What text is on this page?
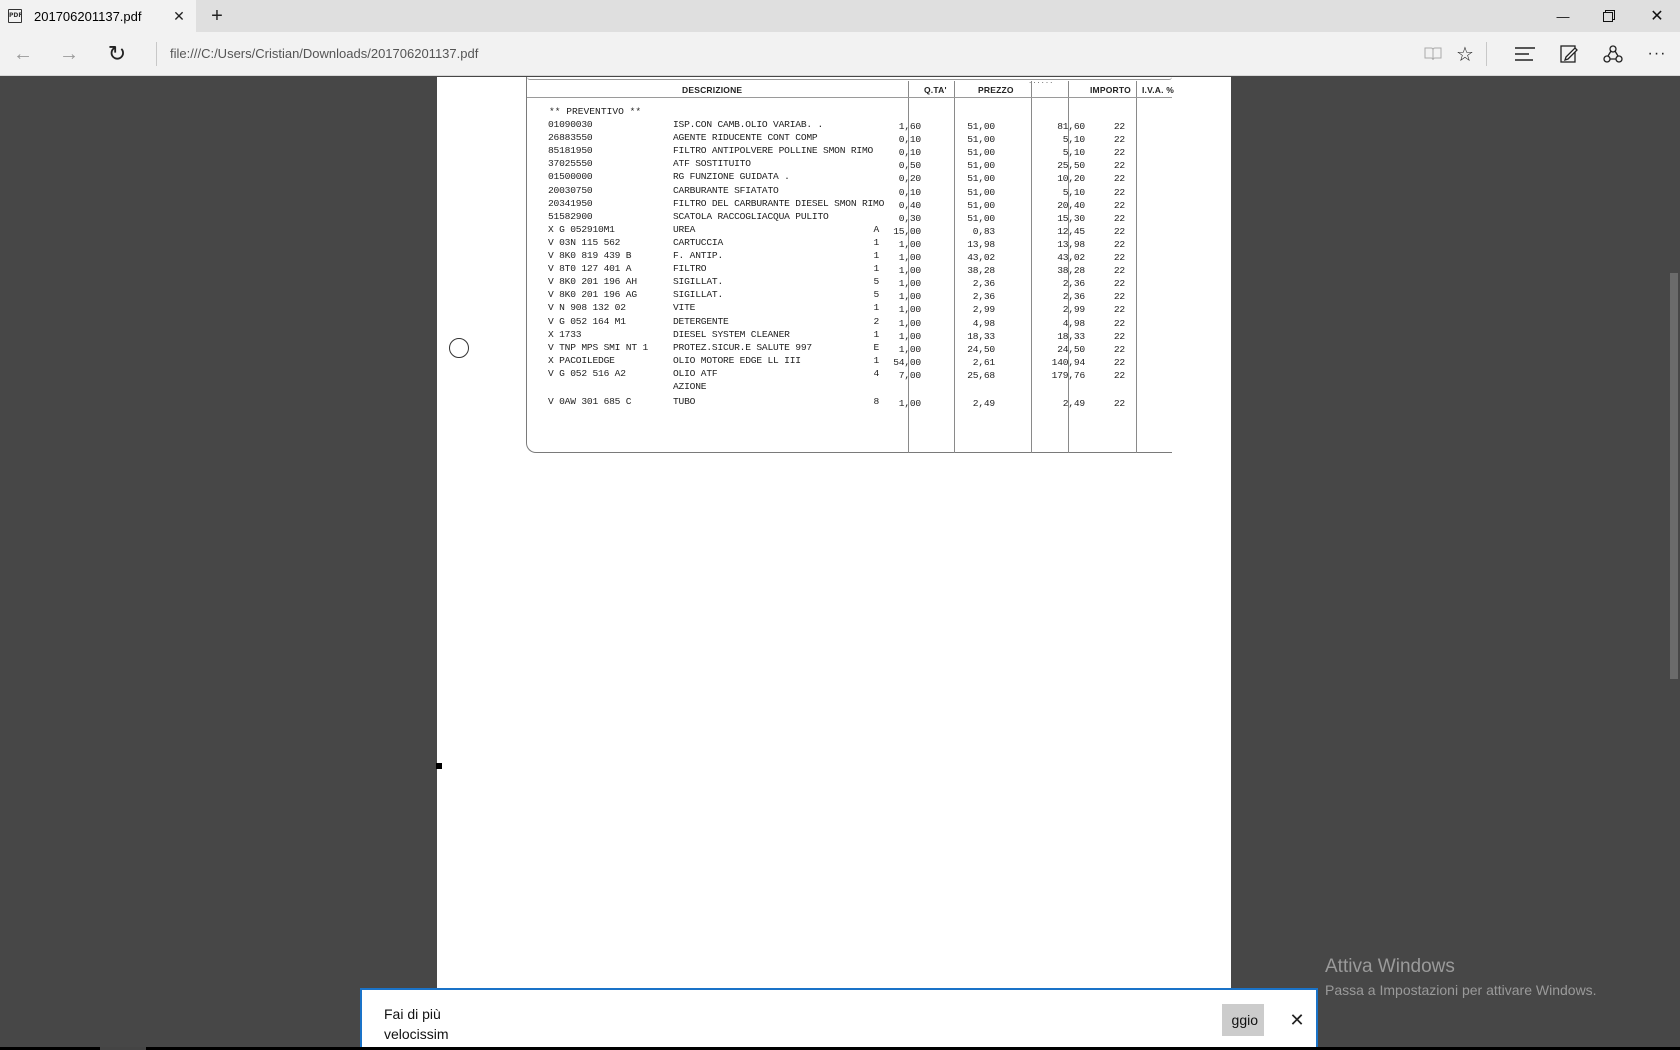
PDF 201706201137.pdf	✕	+	—	✕
← → ↻	file:///C:/Users/Cristian/Downloads/201706201137.pdf	☆	···
......
DESCRIZIONE	Q.TA'	PREZZO	IMPORTO I.V.A. %
** PREVENTIVO **
01090030	ISP.CON CAMB.OLIO VARIAB. .	1,60	51,00	81,60	22
26883550	AGENTE RIDUCENTE CONT COMP	0,10	51,00	5,10	22
85181950	FILTRO ANTIPOLVERE POLLINE SMON RIMO	0,10	51,00	5,10	22
37025550	ATF SOSTITUITO	0,50	51,00	25,50	22
01500000	RG FUNZIONE GUIDATA .	0,20	51,00	10,20	22
20030750	CARBURANTE SFIATATO	0,10	51,00	5,10	22
20341950	FILTRO DEL CARBURANTE DIESEL SMON RIMO	0,40	51,00	20,40	22
51582900	SCATOLA RACCOGLIACQUA PULITO	0,30	51,00	15,30	22
X G 052910M1	UREA	A	15,00	0,83	12,45	22
V 03N 115 562	CARTUCCIA	1	1,00	13,98	13,98	22
V 8K0 819 439 B	F. ANTIP.	1	1,00	43,02	43,02	22
V 8T0 127 401 A	FILTRO	1	1,00	38,28	38,28	22
V 8K0 201 196 AH	SIGILLAT.	5	1,00	2,36	2,36	22
V 8K0 201 196 AG	SIGILLAT.	5	1,00	2,36	2,36	22
V N 908 132 02	VITE	1	1,00	2,99	2,99	22
V G 052 164 M1	DETERGENTE	2	1,00	4,98	4,98	22
X 1733	DIESEL SYSTEM CLEANER	1	1,00	18,33	18,33	22
V TNP MPS SMI NT 1	PROTEZ.SICUR.E SALUTE 997	E	1,00	24,50	24,50	22
X PACOILEDGE	OLIO MOTORE EDGE LL III	1	54,00	2,61	140,94	22
V G 052 516 A2	OLIO ATF	4	7,00	25,68	179,76	22
AZIONE
V 0AW 301 685 C	TUBO	8	1,00	2,49	2,49	22
Fai di più velocissim
ggio	✕
Attiva Windows
Passa a Impostazioni per attivare Windows.
